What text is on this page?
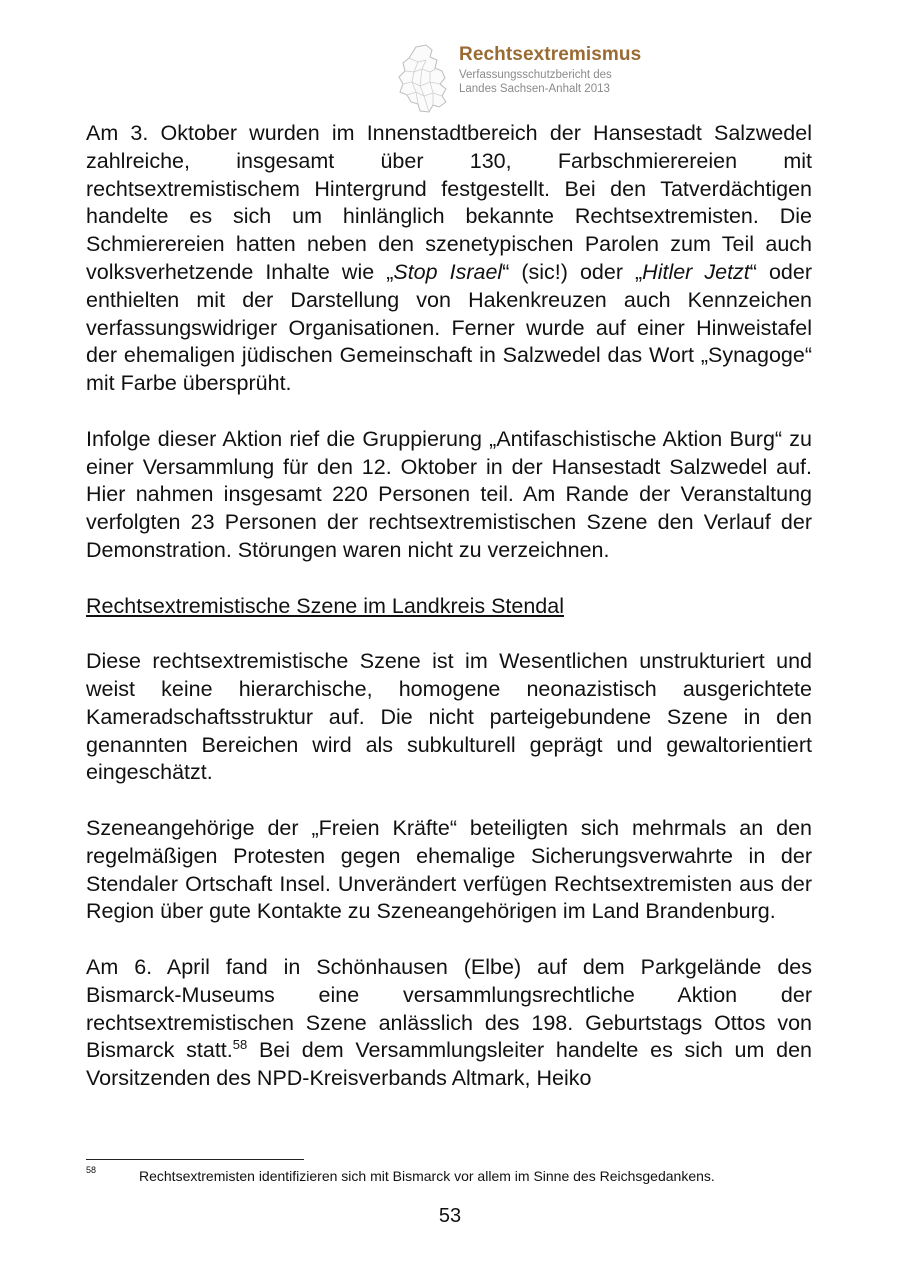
Rechtsextremismus
Verfassungsschutzbericht des
Landes Sachsen-Anhalt 2013

Am 3. Oktober wurden im Innenstadtbereich der Hansestadt Salzwedel zahlreiche, insgesamt über 130, Farbschmierereien mit rechtsextremistischem Hintergrund festgestellt. Bei den Tatverdächtigen handelte es sich um hinlänglich bekannte Rechtsextremisten. Die Schmierereien hatten neben den szenetypischen Parolen zum Teil auch volksverhetzende Inhalte wie „Stop Israel“ (sic!) oder „Hitler Jetzt“ oder enthielten mit der Darstellung von Hakenkreuzen auch Kennzeichen verfassungswidriger Organisationen. Ferner wurde auf einer Hinweistafel der ehemaligen jüdischen Gemeinschaft in Salzwedel das Wort „Synagoge“ mit Farbe übersprüht.

Infolge dieser Aktion rief die Gruppierung „Antifaschistische Aktion Burg“ zu einer Versammlung für den 12. Oktober in der Hansestadt Salzwedel auf. Hier nahmen insgesamt 220 Personen teil. Am Rande der Veranstaltung verfolgten 23 Personen der rechtsextremistischen Szene den Verlauf der Demonstration. Störungen waren nicht zu verzeichnen.

Rechtsextremistische Szene im Landkreis Stendal

Diese rechtsextremistische Szene ist im Wesentlichen unstrukturiert und weist keine hierarchische, homogene neonazistisch ausgerichtete Kameradschaftsstruktur auf. Die nicht parteigebundene Szene in den genannten Bereichen wird als subkulturell geprägt und gewaltorientiert eingeschätzt.

Szeneangehörige der „Freien Kräfte“ beteiligten sich mehrmals an den regelmäßigen Protesten gegen ehemalige Sicherungsverwahrte in der Stendaler Ortschaft Insel. Unverändert verfügen Rechtsextremisten aus der Region über gute Kontakte zu Szeneangehörigen im Land Brandenburg.

Am 6. April fand in Schönhausen (Elbe) auf dem Parkgelände des Bismarck-Museums eine versammlungsrechtliche Aktion der rechtsextremistischen Szene anlässlich des 198. Geburtstags Ottos von Bismarck statt.$^{58}$ Bei dem Versammlungsleiter handelte es sich um den Vorsitzenden des NPD-Kreisverbands Altmark, Heiko

58	Rechtsextremisten identifizieren sich mit Bismarck vor allem im Sinne des Reichsgedankens.
53
